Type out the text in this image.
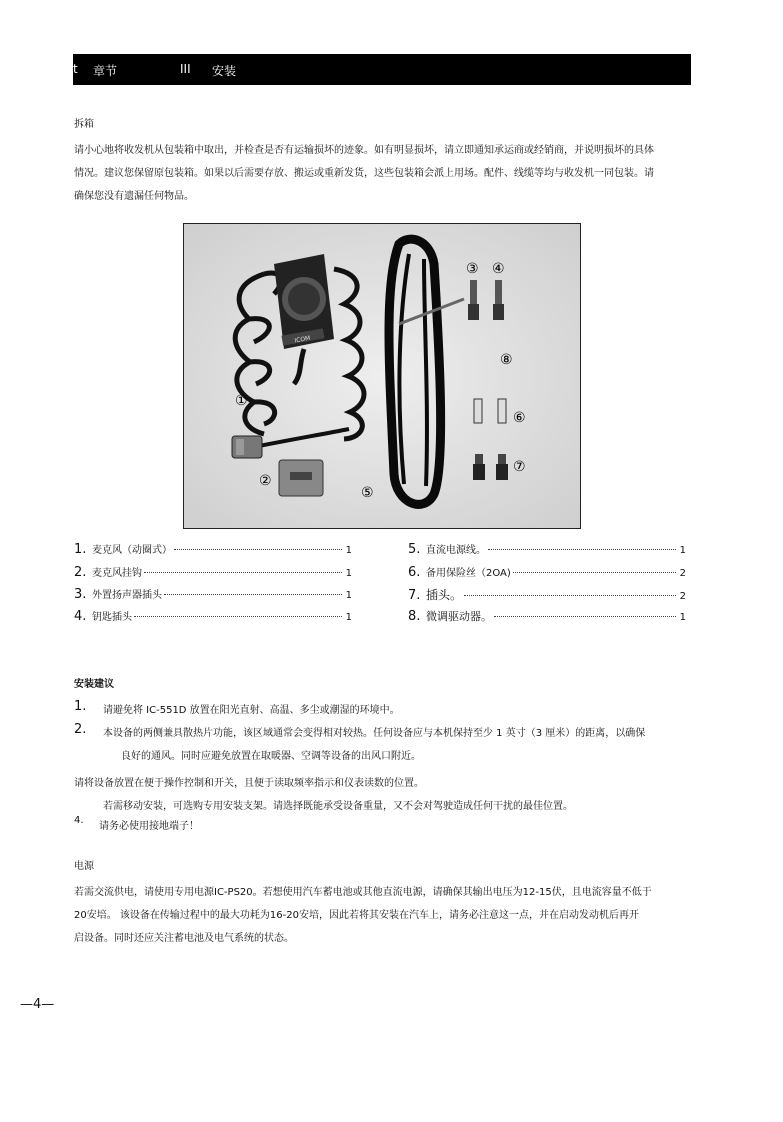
t 章节	III 安装
拆箱
请小心地将收发机从包装箱中取出，并检查是否有运输损坏的迹象。如有明显损坏，请立即通知承运商或经销商，并说明损坏的具体
情况。建议您保留原包装箱。如果以后需要存放、搬运或重新发货，这些包装箱会派上用场。配件、线缆等均与收发机一同包装。请
确保您没有遗漏任何物品。
ICOM
①
②
③ ④
⑤
⑥
⑦
⑧
1. 麦克风（动圈式）	1
2. 麦克风挂钩	1
3. 外置扬声器插头	1
4. 钥匙插头	1
5. 直流电源线。	1
6. 备用保险丝（2OA)	2
7. 插头。	2
8. 微调驱动器。	1
安装建议
1.	请避免将 IC-551D 放置在阳光直射、高温、多尘或潮湿的环境中。
2.	本设备的两侧兼具散热片功能，该区域通常会变得相对较热。任何设备应与本机保持至少 1 英寸（3 厘米）的距离，以确保
良好的通风。同时应避免放置在取暖器、空调等设备的出风口附近。
请将设备放置在便于操作控制和开关，且便于读取频率指示和仪表读数的位置。
若需移动安装，可选购专用安装支架。请选择既能承受设备重量，又不会对驾驶造成任何干扰的最佳位置。
4.
请务必使用接地端子！
电源
若需交流供电，请使用专用电源IC-PS20。若想使用汽车蓄电池或其他直流电源，请确保其输出电压为12-15伏，且电流容量不低于
20安培。 该设备在传输过程中的最大功耗为16-20安培，因此若将其安装在汽车上，请务必注意这一点，并在启动发动机后再开
启设备。同时还应关注蓄电池及电气系统的状态。
—4—
